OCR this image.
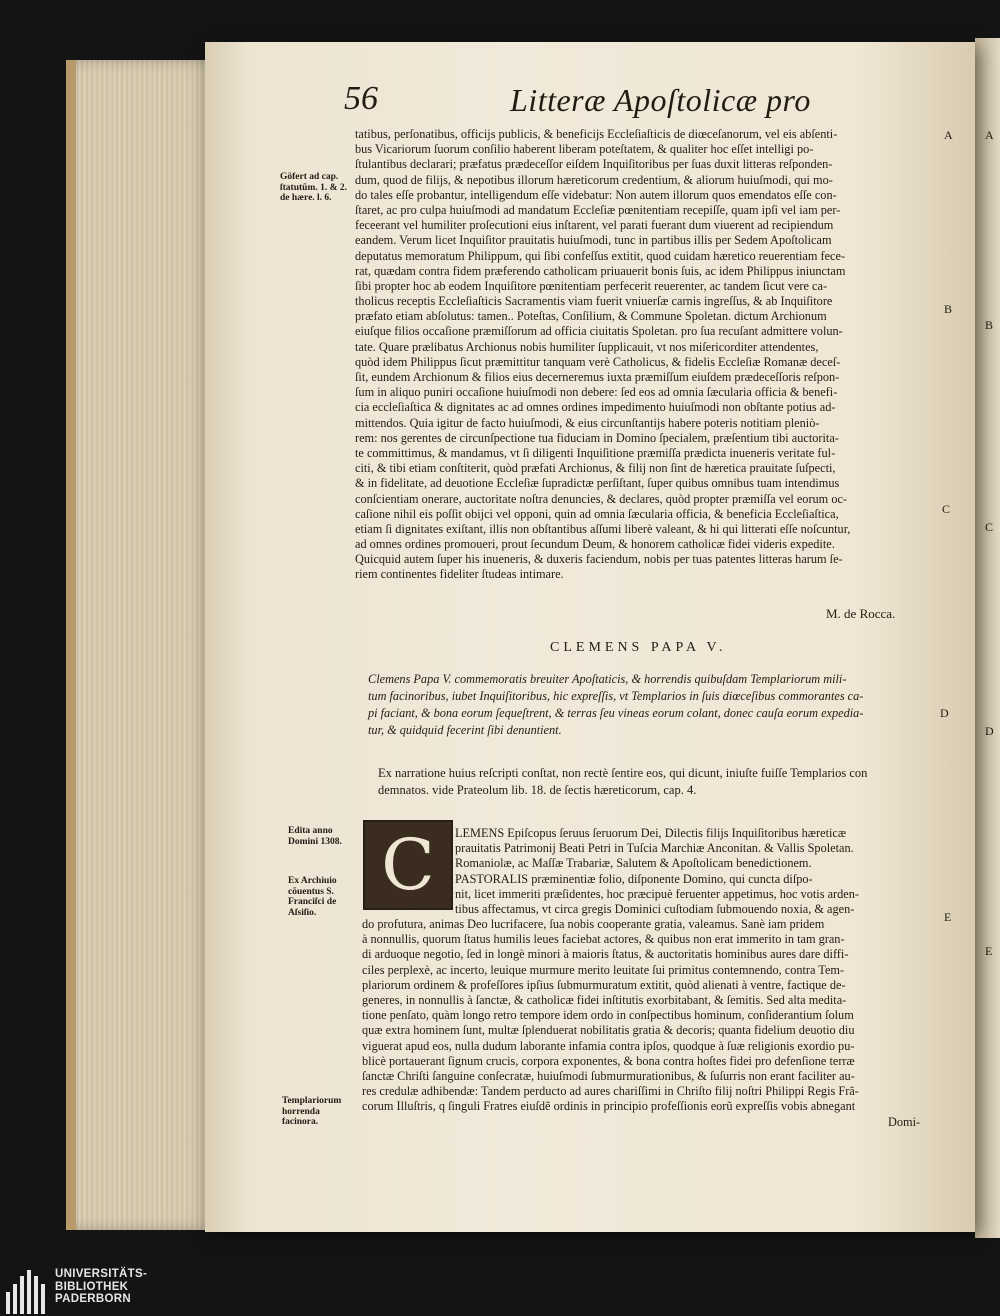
A
B
C
D
E
56	Litteræ Apoſtolicæ pro
Göfert ad cap. ſtatutũm. 1. & 2. de hære. l. 6.
Edita anno Domini 1308.
Ex Archiuio cõuentus S. Franciſci de Aſsiſio.
Templariorum horrenda facinora.
A
B
C
D
E
tatibus, perſonatibus, officijs publicis, & beneficijs Eccleſiaſticis de diœceſanorum, vel eis abſenti-
bus Vicariorum ſuorum conſilio haberent liberam poteſtatem, & qualiter hoc eſſet intelligi po-
ſtulantibus declarari; præfatus prædeceſſor eiſdem Inquiſitoribus per ſuas duxit litteras reſponden-
dum, quod de filijs, & nepotibus illorum hæreticorum credentium, & aliorum huiuſmodi, qui mo-
do tales eſſe probantur, intelligendum eſſe videbatur: Non autem illorum quos emendatos eſſe con-
ſtaret, ac pro culpa huiuſmodi ad mandatum Eccleſiæ pœnitentiam recepiſſe, quam ipſi vel iam per-
feceerant vel humiliter proſecutioni eius inſtarent, vel parati fuerant dum viuerent ad recipiendum
eandem. Verum licet Inquiſitor prauitatis huiuſmodi, tunc in partibus illis per Sedem Apoſtolicam
deputatus memoratum Philippum, qui ſibi confeſſus extitit, quod cuidam hæretico reuerentiam fece-
rat, quædam contra fidem præferendo catholicam priuauerit bonis ſuis, ac idem Philippus iniunctam
ſibi propter hoc ab eodem Inquiſitore pœnitentiam perfecerit reuerenter, ac tandem ſicut vere ca-
tholicus receptis Eccleſiaſticis Sacramentis viam fuerit vniuerſæ carnis ingreſſus, & ab Inquiſitore
præfato etiam abſolutus: tamen.. Poteſtas, Conſilium, & Commune Spoletan. dictum Archionum
eiuſque filios occaſione præmiſſorum ad officia ciuitatis Spoletan. pro ſua recuſant admittere volun-
tate. Quare prælibatus Archionus nobis humiliter ſupplicauit, vt nos miſericorditer attendentes,
quòd idem Philippus ſicut præmittitur tanquam verè Catholicus, & fidelis Eccleſiæ Romanæ deceſ-
ſit, eundem Archionum & filios eius decerneremus iuxta præmiſſum eiuſdem prædeceſſoris reſpon-
ſum in aliquo puniri occaſione huiuſmodi non debere: ſed eos ad omnia ſæcularia officia & benefi-
cia eccleſiaſtica & dignitates ac ad omnes ordines impedimento huiuſmodi non obſtante potius ad-
mittendos. Quia igitur de facto huiuſmodi, & eius circunſtantijs habere poteris notitiam pleniò-
rem: nos gerentes de circunſpectione tua fiduciam in Domino ſpecialem, præſentium tibi auctorita-
te committimus, & mandamus, vt ſi diligenti Inquiſitione præmiſſa prædicta inueneris veritate ful-
citi, & tibi etiam conſtiterit, quòd præfati Archionus, & filij non ſint de hæretica prauitate ſuſpecti,
& in fidelitate, ad deuotione Eccleſiæ ſupradictæ perſiſtant, ſuper quibus omnibus tuam intendimus
conſcientiam onerare, auctoritate noſtra denuncies, & declares, quòd propter præmiſſa vel eorum oc-
caſione nihil eis poſſit obijci vel opponi, quin ad omnia ſæcularia officia, & beneficia Eccleſiaſtica,
etiam ſi dignitates exiſtant, illis non obſtantibus aſſumi liberè valeant, & hi qui litterati eſſe noſcuntur,
ad omnes ordines promoueri, prout ſecundum Deum, & honorem catholicæ fidei videris expedite.
Quicquid autem ſuper his inueneris, & duxeris faciendum, nobis per tuas patentes litteras harum ſe-
riem continentes fideliter ſtudeas intimare.
M. de Rocca.
CLEMENS PAPA V.
Clemens Papa V. commemoratis breuiter Apoſtaticis, & horrendis quibuſdam Templariorum mili-
tum facinoribus, iubet Inquiſitoribus, hic expreſſis, vt Templarios in ſuis diœceſibus commorantes ca-
pi faciant, & bona eorum ſequeſtrent, & terras ſeu vineas eorum colant, donec cauſa eorum expedia-
tur, & quidquid fecerint ſibi denuntient.
Ex narratione huius reſcripti conſtat, non rectè ſentire eos, qui dicunt, iniuſte fuiſſe Templarios con
demnatos. vide Prateolum lib. 18. de ſectis hæreticorum, cap. 4.
C LEMENS Epiſcopus ſeruus ſeruorum Dei, Dilectis filijs Inquiſitoribus hæreticæ
prauitatis Patrimonij Beati Petri in Tuſcia Marchiæ Anconitan. & Vallis Spoletan.
Romaniolæ, ac Maſſæ Trabariæ, Salutem & Apoſtolicam benedictionem.
PASTORALIS præminentiæ folio, diſponente Domino, qui cuncta diſpo-
nit, licet immeriti præſidentes, hoc præcipuè feruenter appetimus, hoc votis arden-
tibus affectamus, vt circa gregis Dominici cuſtodiam ſubmouendo noxia, & agen-
do profutura, animas Deo lucrifacere, ſua nobis cooperante gratia, valeamus. Sanè iam pridem
à nonnullis, quorum ſtatus humilis leues faciebat actores, & quibus non erat immerito in tam gran-
di arduoque negotio, ſed in longè minori à maioris ſtatus, & auctoritatis hominibus aures dare diffi-
ciles perplexè, ac incerto, leuique murmure merito leuitate ſui primitus contemnendo, contra Tem-
plariorum ordinem & profeſſores ipſius ſubmurmuratum extitit, quòd alienati à ventre, factique de-
generes, in nonnullis à ſanctæ, & catholicæ fidei inſtitutis exorbitabant, & ſemitis. Sed alta medita-
tione penſato, quàm longo retro tempore idem ordo in conſpectibus hominum, conſiderantium ſolum
quæ extra hominem ſunt, multæ ſplenduerat nobilitatis gratia & decoris; quanta fidelium deuotio diu
viguerat apud eos, nulla dudum laborante infamia contra ipſos, quodque à ſuæ religionis exordio pu-
blicè portauerant ſignum crucis, corpora exponentes, & bona contra hoſtes fidei pro defenſione terræ
ſanctæ Chriſti ſanguine conſecratæ, huiuſmodi ſubmurmurationibus, & ſuſurris non erant faciliter au-
res credulæ adhibendæ: Tandem perducto ad aures chariſſimi in Chriſto filij noſtri Philippi Regis Frã-
corum Illuſtris, q ſinguli Fratres eiuſdẽ ordinis in principio profeſſionis eorũ expreſſis vobis abnegant
Domi-
UNIVERSITÄTS-
BIBLIOTHEK
PADERBORN
